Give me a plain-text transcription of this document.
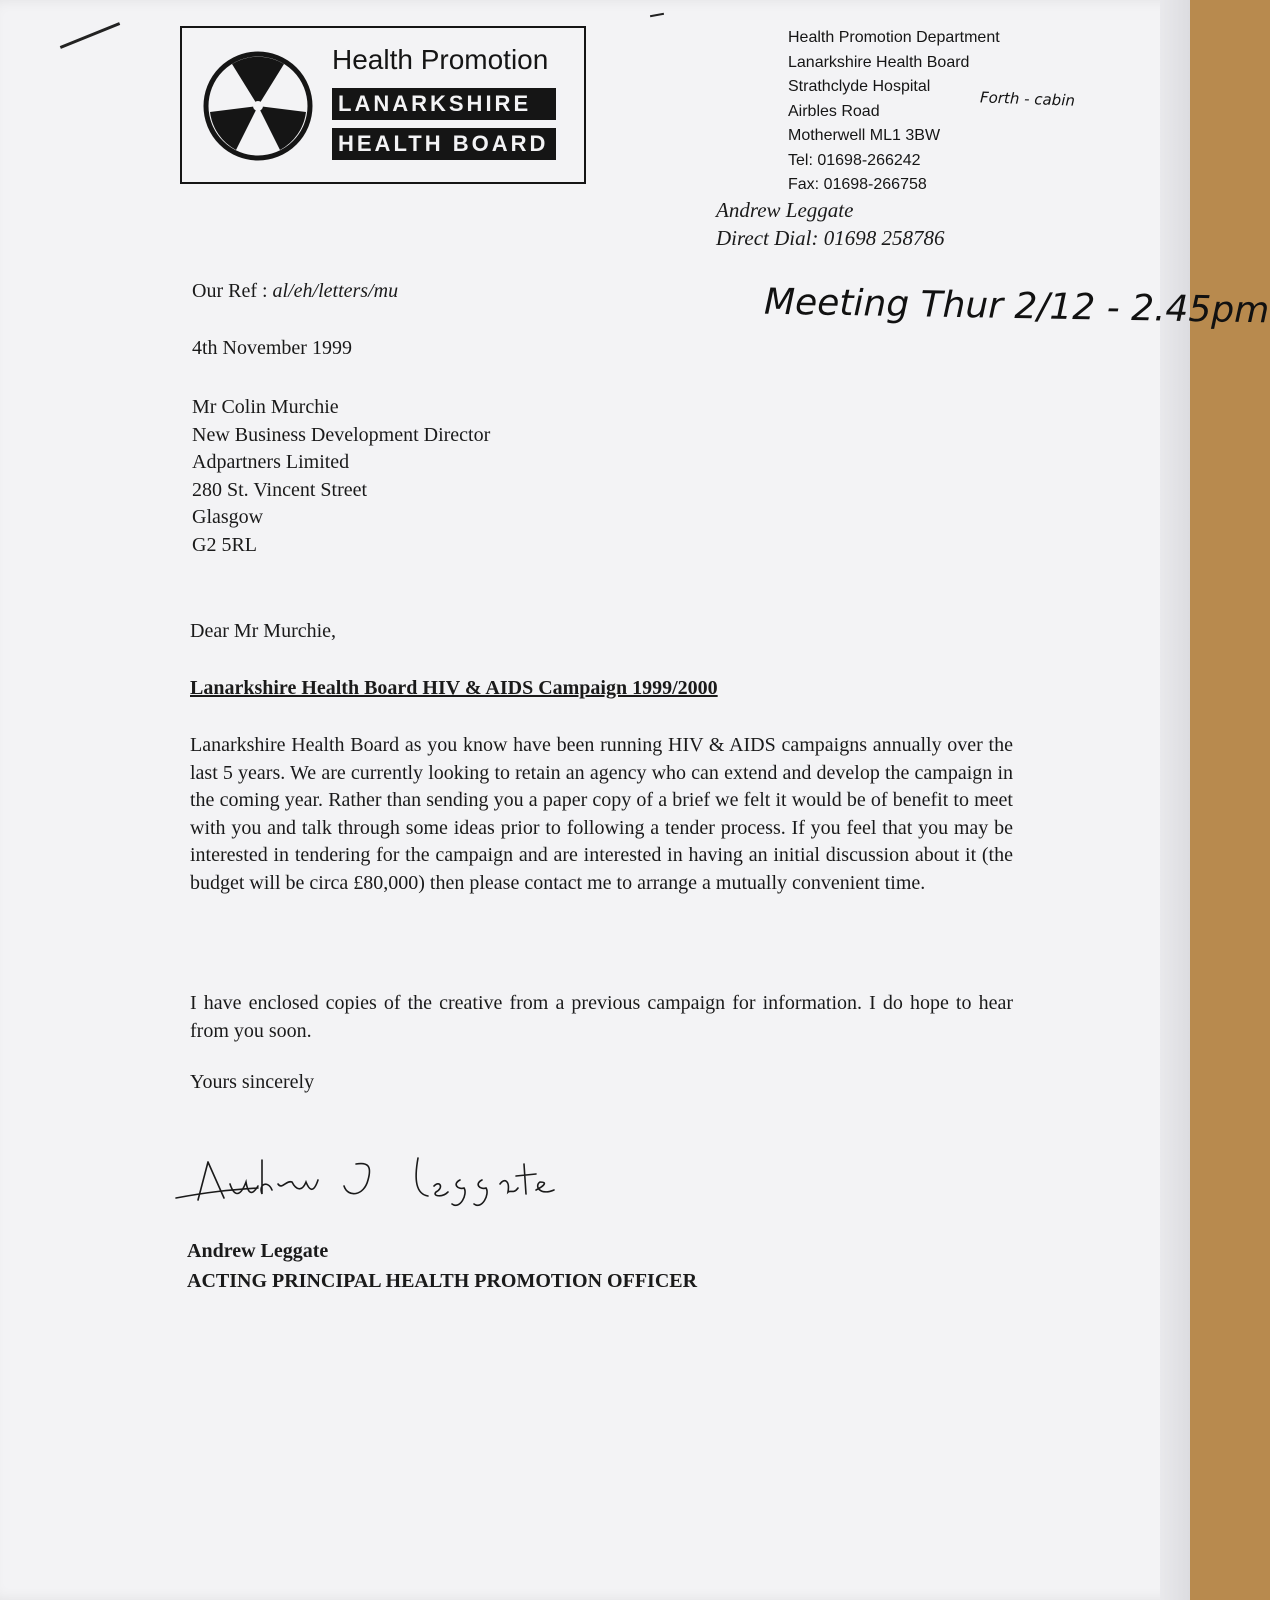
Health Promotion
LANARKSHIRE
HEALTH BOARD
Health Promotion Department
Lanarkshire Health Board
Strathclyde Hospital
Airbles Road
Motherwell ML1 3BW
Tel: 01698-266242
Fax: 01698-266758
Andrew Leggate
Direct Dial: 01698 258786
Forth - cabin
Meeting Thur 2/12 - 2.45pm
Our Ref : al/eh/letters/mu
4th November 1999
Mr Colin Murchie
New Business Development Director
Adpartners Limited
280 St. Vincent Street
Glasgow
G2 5RL
Dear Mr Murchie,
Lanarkshire Health Board HIV & AIDS Campaign 1999/2000
Lanarkshire Health Board as you know have been running HIV & AIDS campaigns annually over the last 5 years. We are currently looking to retain an agency who can extend and develop the campaign in the coming year. Rather than sending you a paper copy of a brief we felt it would be of benefit to meet with you and talk through some ideas prior to following a tender process. If you feel that you may be interested in tendering for the campaign and are interested in having an initial discussion about it (the budget will be circa £80,000) then please contact me to arrange a mutually convenient time.
I have enclosed copies of the creative from a previous campaign for information. I do hope to hear from you soon.
Yours sincerely
Andrew Leggate
ACTING PRINCIPAL HEALTH PROMOTION OFFICER
